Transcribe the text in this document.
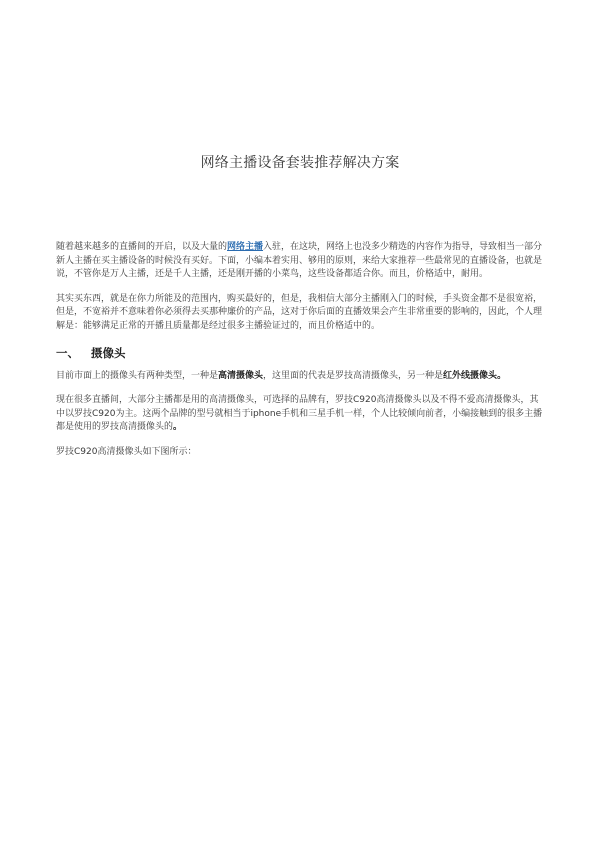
网络主播设备套装推荐解决方案

随着越来越多的直播间的开启，以及大量的网络主播入驻，在这块，网络上也没多少精选的内容作为指导，导致相当一部分新人主播在买主播设备的时候没有买好。下面，小编本着实用、够用的原则，来给大家推荐一些最常见的直播设备，也就是说，不管你是万人主播，还是千人主播，还是刚开播的小菜鸟，这些设备都适合你。而且，价格适中，耐用。

其实买东西，就是在你力所能及的范围内，购买最好的，但是，我相信大部分主播刚入门的时候，手头资金都不是很宽裕，但是，不宽裕并不意味着你必须得去买那种廉价的产品，这对于你后面的直播效果会产生非常重要的影响的，因此，个人理解是：能够满足正常的开播且质量都是经过很多主播验证过的，而且价格适中的。

一、 摄像头

目前市面上的摄像头有两种类型，一种是高清摄像头，这里面的代表是罗技高清摄像头，另一种是红外线摄像头。

现在很多直播间，大部分主播都是用的高清摄像头，可选择的品牌有，罗技C920高清摄像头以及不得不爱高清摄像头，其中以罗技C920为主。这两个品牌的型号就相当于iphone手机和三星手机一样，个人比较倾向前者，小编接触到的很多主播都是使用的罗技高清摄像头的。

罗技C920高清摄像头如下图所示：
